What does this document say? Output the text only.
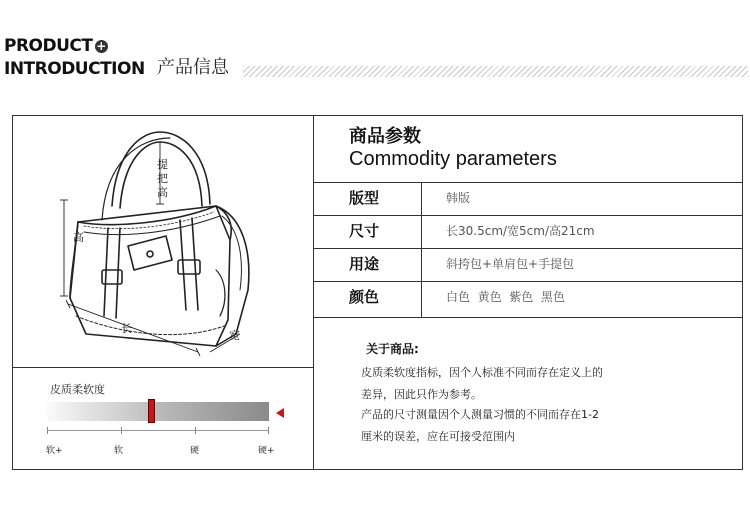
PRODUCT +
INTRODUCTION 产品信息
提把高
高
长
宽
商品参数
Commodity parameters
版型	韩版
尺寸	长30.5cm/宽5cm/高21cm
用途	斜挎包+单肩包+手提包
颜色	白色  黄色  紫色  黑色
关于商品:
皮质柔软度指标，因个人标准不同而存在定义上的
差异，因此只作为参考。
产品的尺寸测量因个人测量习惯的不同而存在1-2
厘米的误差，应在可接受范围内
皮质柔软度
软+	软	硬	硬+
